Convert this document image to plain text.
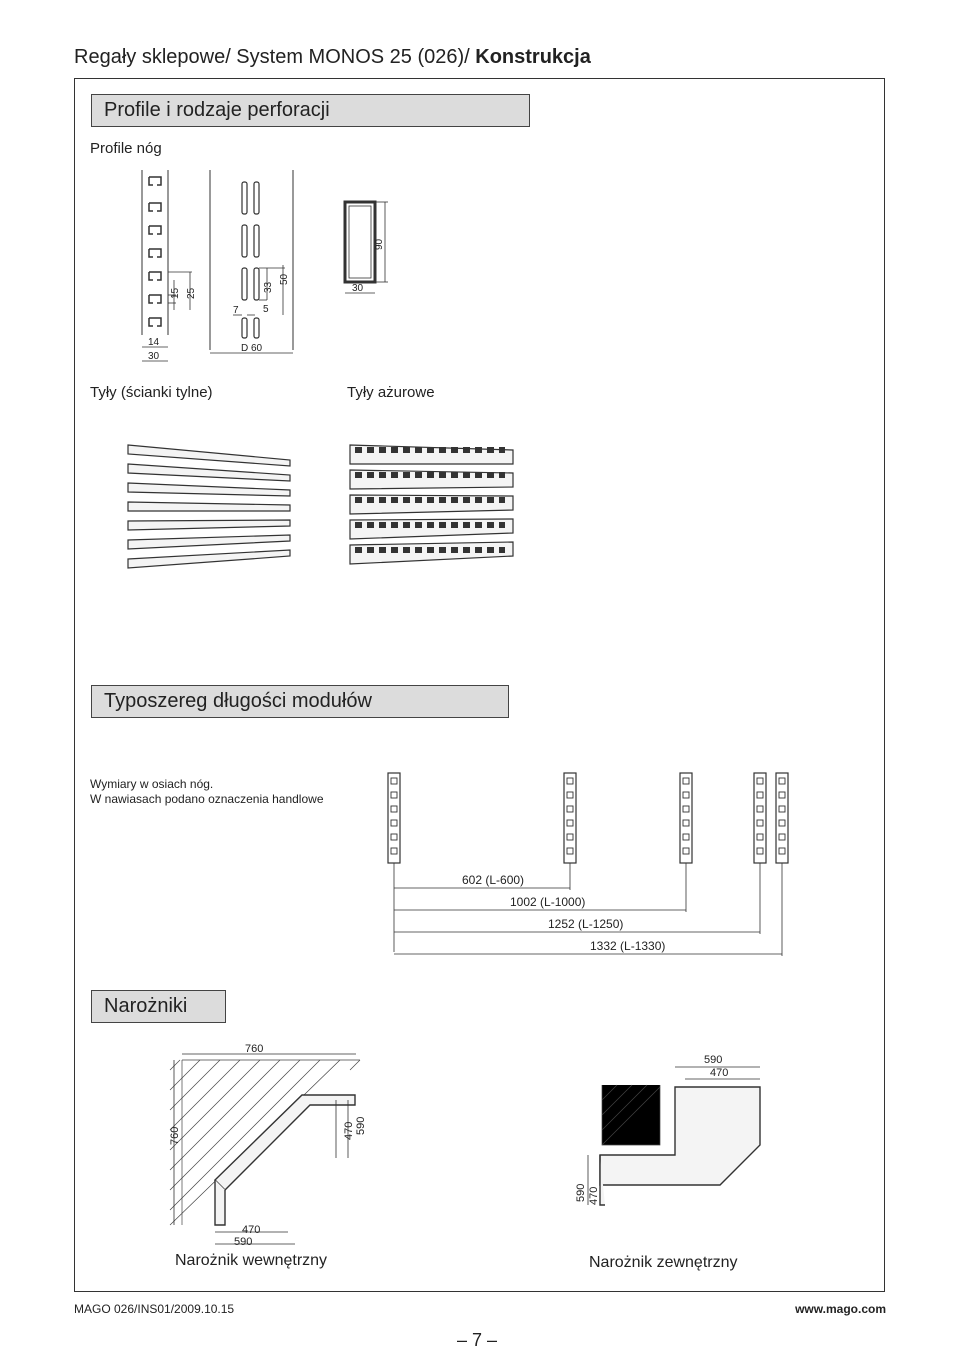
Regały sklepowe/ System MONOS 25 (026)/ Konstrukcja
Profile i rodzaje perforacji
Profile nóg
15 25
14
30
7
33
50
5
D 60
90
30
Tyły (ścianki tylne)	Tyły ażurowe
Typoszereg długości modułów
Wymiary w osiach nóg.
W nawiasach podano oznaczenia handlowe
602 (L-600)
1002 (L-1000)
1252 (L-1250)
1332 (L-1330)
Narożniki
760
760	470 590
470
590
Narożnik wewnętrzny
590
470
590 470
Narożnik zewnętrzny
MAGO 026/INS01/2009.10.15	www.mago.com
– 7 –
